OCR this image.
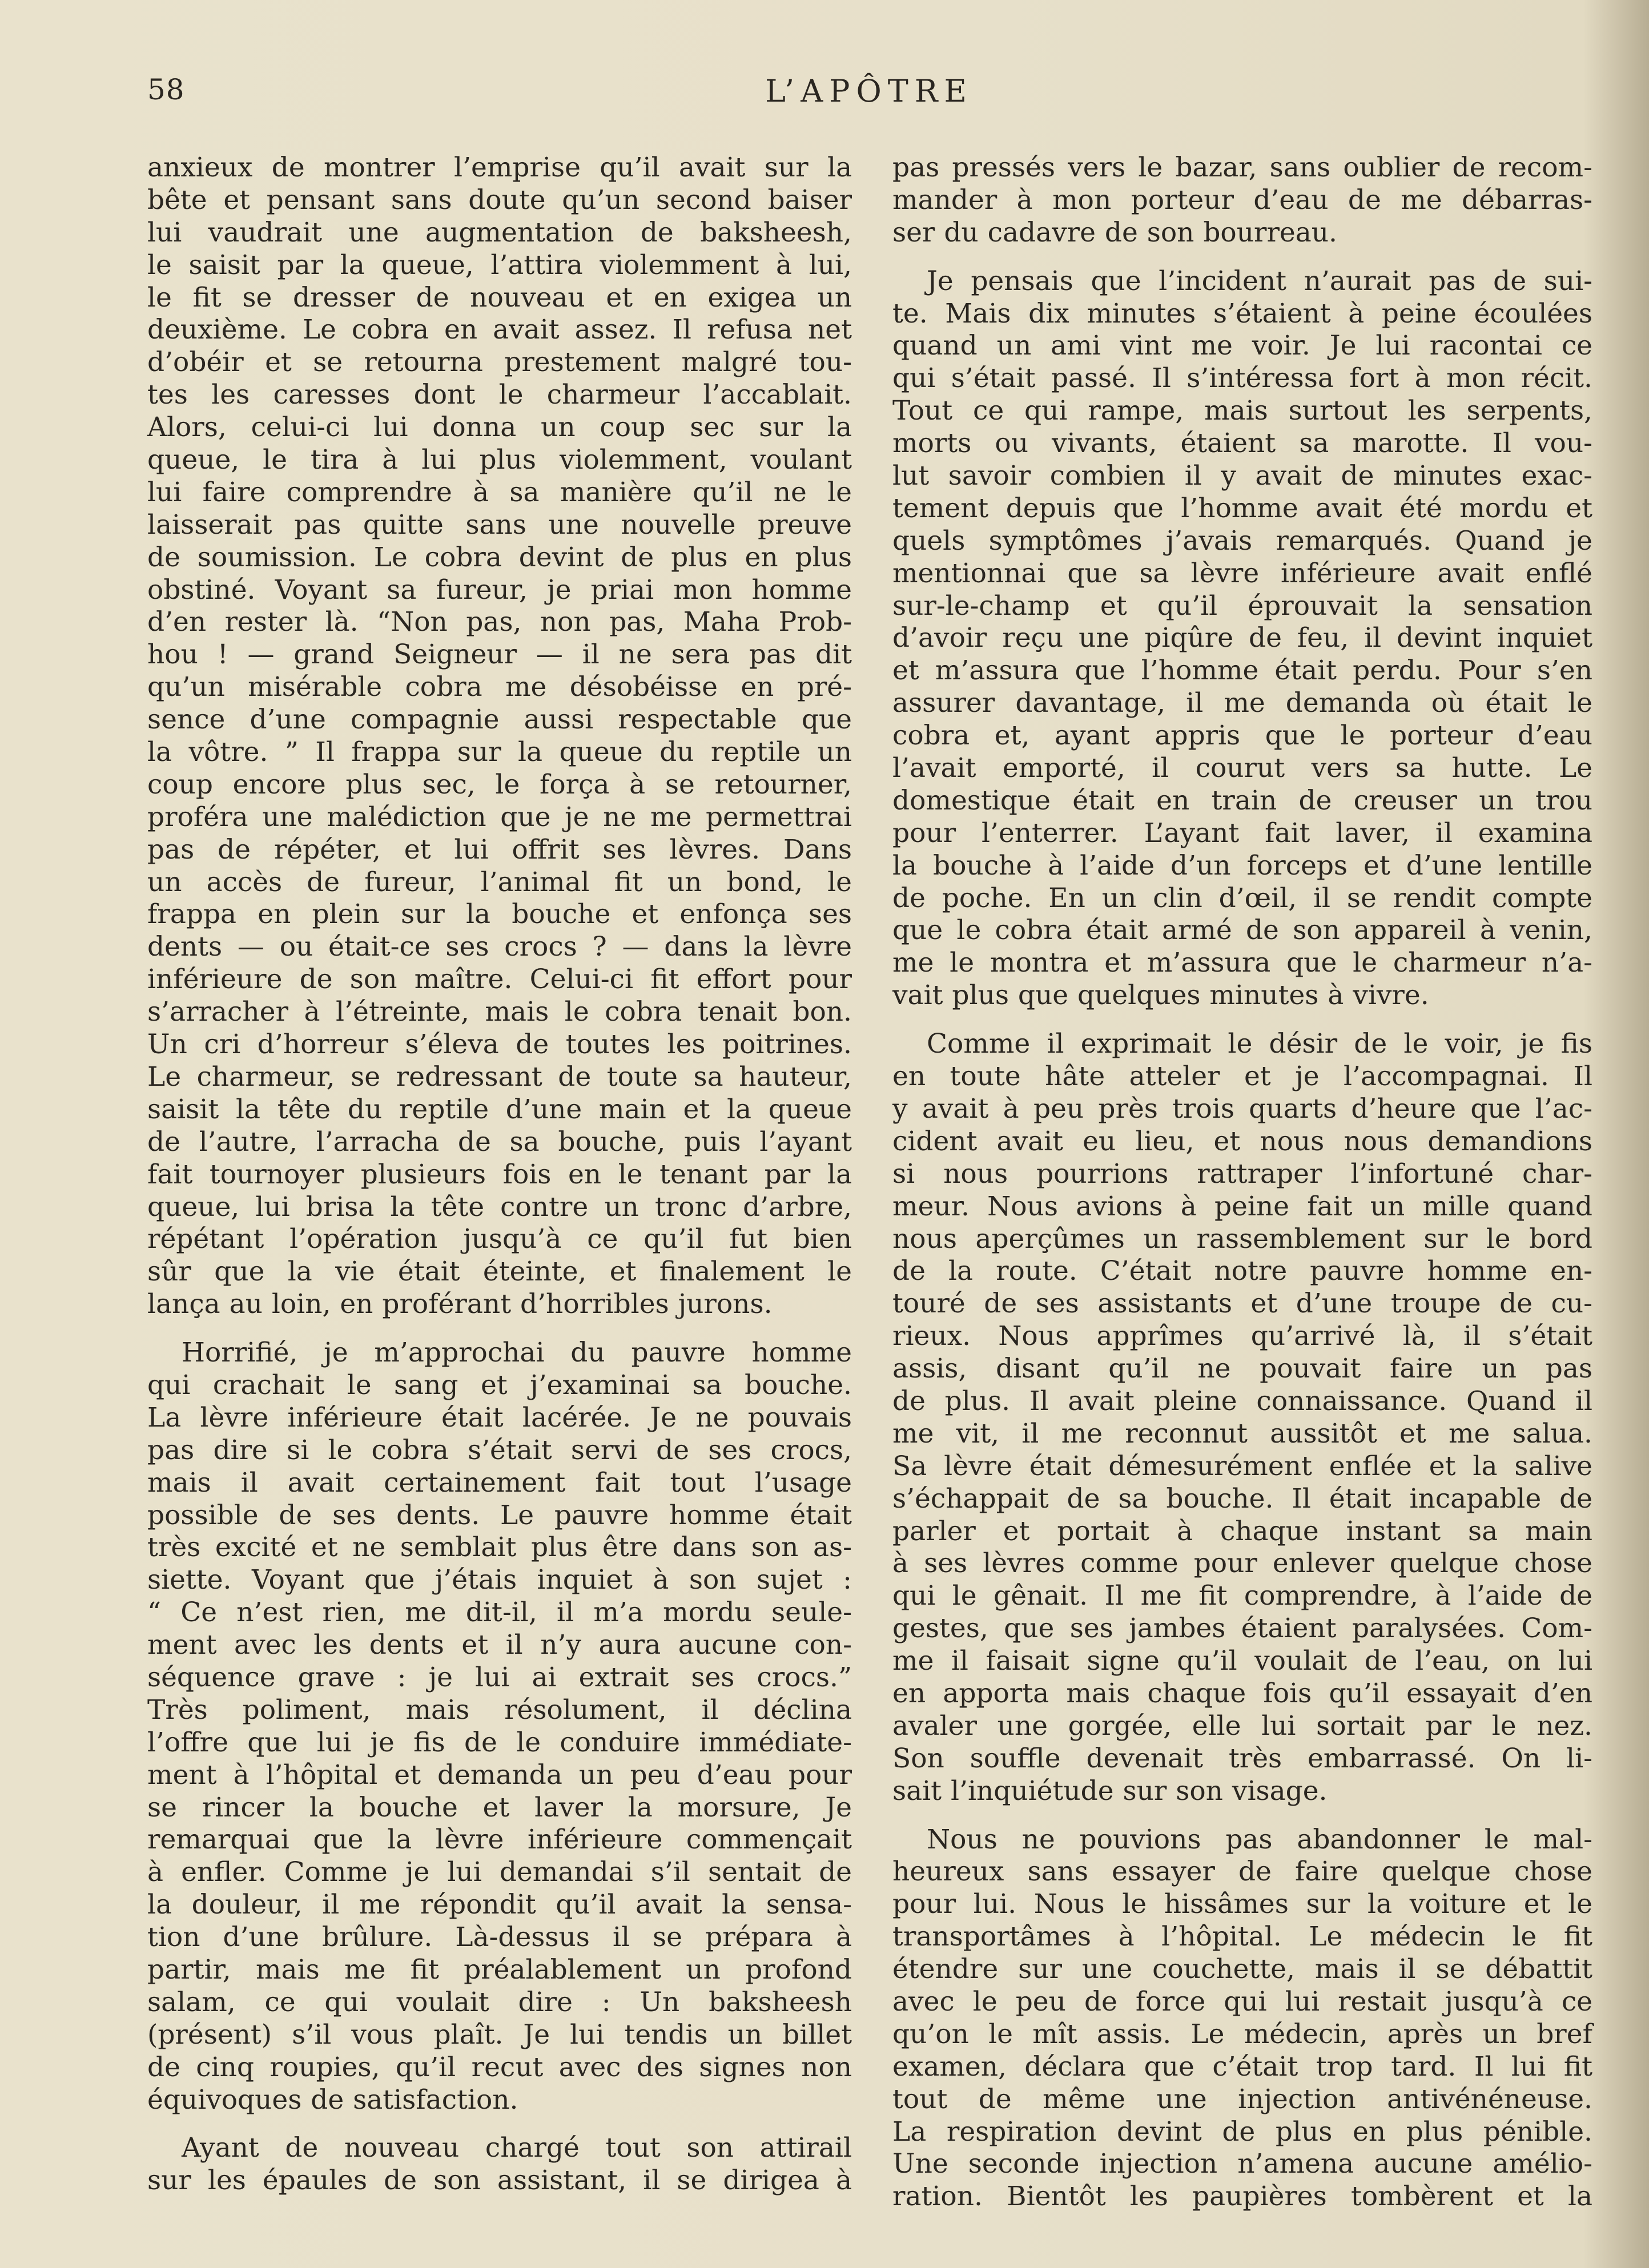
58	L’APÔTRE

anxieux de montrer l’emprise qu’il avait sur la
bête et pensant sans doute qu’un second baiser
lui vaudrait une augmentation de baksheesh,
le saisit par la queue, l’attira violemment à lui,
le fit se dresser de nouveau et en exigea un
deuxième. Le cobra en avait assez. Il refusa net
d’obéir et se retourna prestement malgré tou-
tes les caresses dont le charmeur l’accablait.
Alors, celui-ci lui donna un coup sec sur la
queue, le tira à lui plus violemment, voulant
lui faire comprendre à sa manière qu’il ne le
laisserait pas quitte sans une nouvelle preuve
de soumission. Le cobra devint de plus en plus
obstiné. Voyant sa fureur, je priai mon homme
d’en rester là. “Non pas, non pas, Maha Prob-
hou ! — grand Seigneur — il ne sera pas dit
qu’un misérable cobra me désobéisse en pré-
sence d’une compagnie aussi respectable que
la vôtre. ” Il frappa sur la queue du reptile un
coup encore plus sec, le força à se retourner,
proféra une malédiction que je ne me permettrai
pas de répéter, et lui offrit ses lèvres. Dans
un accès de fureur, l’animal fit un bond, le
frappa en plein sur la bouche et enfonça ses
dents — ou était-ce ses crocs ? — dans la lèvre
inférieure de son maître. Celui-ci fit effort pour
s’arracher à l’étreinte, mais le cobra tenait bon.
Un cri d’horreur s’éleva de toutes les poitrines.
Le charmeur, se redressant de toute sa hauteur,
saisit la tête du reptile d’une main et la queue
de l’autre, l’arracha de sa bouche, puis l’ayant
fait tournoyer plusieurs fois en le tenant par la
queue, lui brisa la tête contre un tronc d’arbre,
répétant l’opération jusqu’à ce qu’il fut bien
sûr que la vie était éteinte, et finalement le
lança au loin, en proférant d’horribles jurons.

Horrifié, je m’approchai du pauvre homme
qui crachait le sang et j’examinai sa bouche.
La lèvre inférieure était lacérée. Je ne pouvais
pas dire si le cobra s’était servi de ses crocs,
mais il avait certainement fait tout l’usage
possible de ses dents. Le pauvre homme était
très excité et ne semblait plus être dans son as-
siette. Voyant que j’étais inquiet à son sujet :
“ Ce n’est rien, me dit-il, il m’a mordu seule-
ment avec les dents et il n’y aura aucune con-
séquence grave : je lui ai extrait ses crocs.”
Très poliment, mais résolument, il déclina
l’offre que lui je fis de le conduire immédiate-
ment à l’hôpital et demanda un peu d’eau pour
se rincer la bouche et laver la morsure, Je
remarquai que la lèvre inférieure commençait
à enfler. Comme je lui demandai s’il sentait de
la douleur, il me répondit qu’il avait la sensa-
tion d’une brûlure. Là-dessus il se prépara à
partir, mais me fit préalablement un profond
salam, ce qui voulait dire : Un baksheesh
(présent) s’il vous plaît. Je lui tendis un billet
de cinq roupies, qu’il recut avec des signes non
équivoques de satisfaction.

Ayant de nouveau chargé tout son attirail
sur les épaules de son assistant, il se dirigea à

pas pressés vers le bazar, sans oublier de recom-
mander à mon porteur d’eau de me débarras-
ser du cadavre de son bourreau.

Je pensais que l’incident n’aurait pas de sui-
te. Mais dix minutes s’étaient à peine écoulées
quand un ami vint me voir. Je lui racontai ce
qui s’était passé. Il s’intéressa fort à mon récit.
Tout ce qui rampe, mais surtout les serpents,
morts ou vivants, étaient sa marotte. Il vou-
lut savoir combien il y avait de minutes exac-
tement depuis que l’homme avait été mordu et
quels symptômes j’avais remarqués. Quand je
mentionnai que sa lèvre inférieure avait enflé
sur-le-champ et qu’il éprouvait la sensation
d’avoir reçu une piqûre de feu, il devint inquiet
et m’assura que l’homme était perdu. Pour s’en
assurer davantage, il me demanda où était le
cobra et, ayant appris que le porteur d’eau
l’avait emporté, il courut vers sa hutte. Le
domestique était en train de creuser un trou
pour l’enterrer. L’ayant fait laver, il examina
la bouche à l’aide d’un forceps et d’une lentille
de poche. En un clin d’œil, il se rendit compte
que le cobra était armé de son appareil à venin,
me le montra et m’assura que le charmeur n’a-
vait plus que quelques minutes à vivre.

Comme il exprimait le désir de le voir, je fis
en toute hâte atteler et je l’accompagnai. Il
y avait à peu près trois quarts d’heure que l’ac-
cident avait eu lieu, et nous nous demandions
si nous pourrions rattraper l’infortuné char-
meur. Nous avions à peine fait un mille quand
nous aperçûmes un rassemblement sur le bord
de la route. C’était notre pauvre homme en-
touré de ses assistants et d’une troupe de cu-
rieux. Nous apprîmes qu’arrivé là, il s’était
assis, disant qu’il ne pouvait faire un pas
de plus. Il avait pleine connaissance. Quand il
me vit, il me reconnut aussitôt et me salua.
Sa lèvre était démesurément enflée et la salive
s’échappait de sa bouche. Il était incapable de
parler et portait à chaque instant sa main
à ses lèvres comme pour enlever quelque chose
qui le gênait. Il me fit comprendre, à l’aide de
gestes, que ses jambes étaient paralysées. Com-
me il faisait signe qu’il voulait de l’eau, on lui
en apporta mais chaque fois qu’il essayait d’en
avaler une gorgée, elle lui sortait par le nez.
Son souffle devenait très embarrassé. On li-
sait l’inquiétude sur son visage.

Nous ne pouvions pas abandonner le mal-
heureux sans essayer de faire quelque chose
pour lui. Nous le hissâmes sur la voiture et le
transportâmes à l’hôpital. Le médecin le fit
étendre sur une couchette, mais il se débattit
avec le peu de force qui lui restait jusqu’à ce
qu’on le mît assis. Le médecin, après un bref
examen, déclara que c’était trop tard. Il lui fit
tout de même une injection antivénéneuse.
La respiration devint de plus en plus pénible.
Une seconde injection n’amena aucune amélio-
ration. Bientôt les paupières tombèrent et la
